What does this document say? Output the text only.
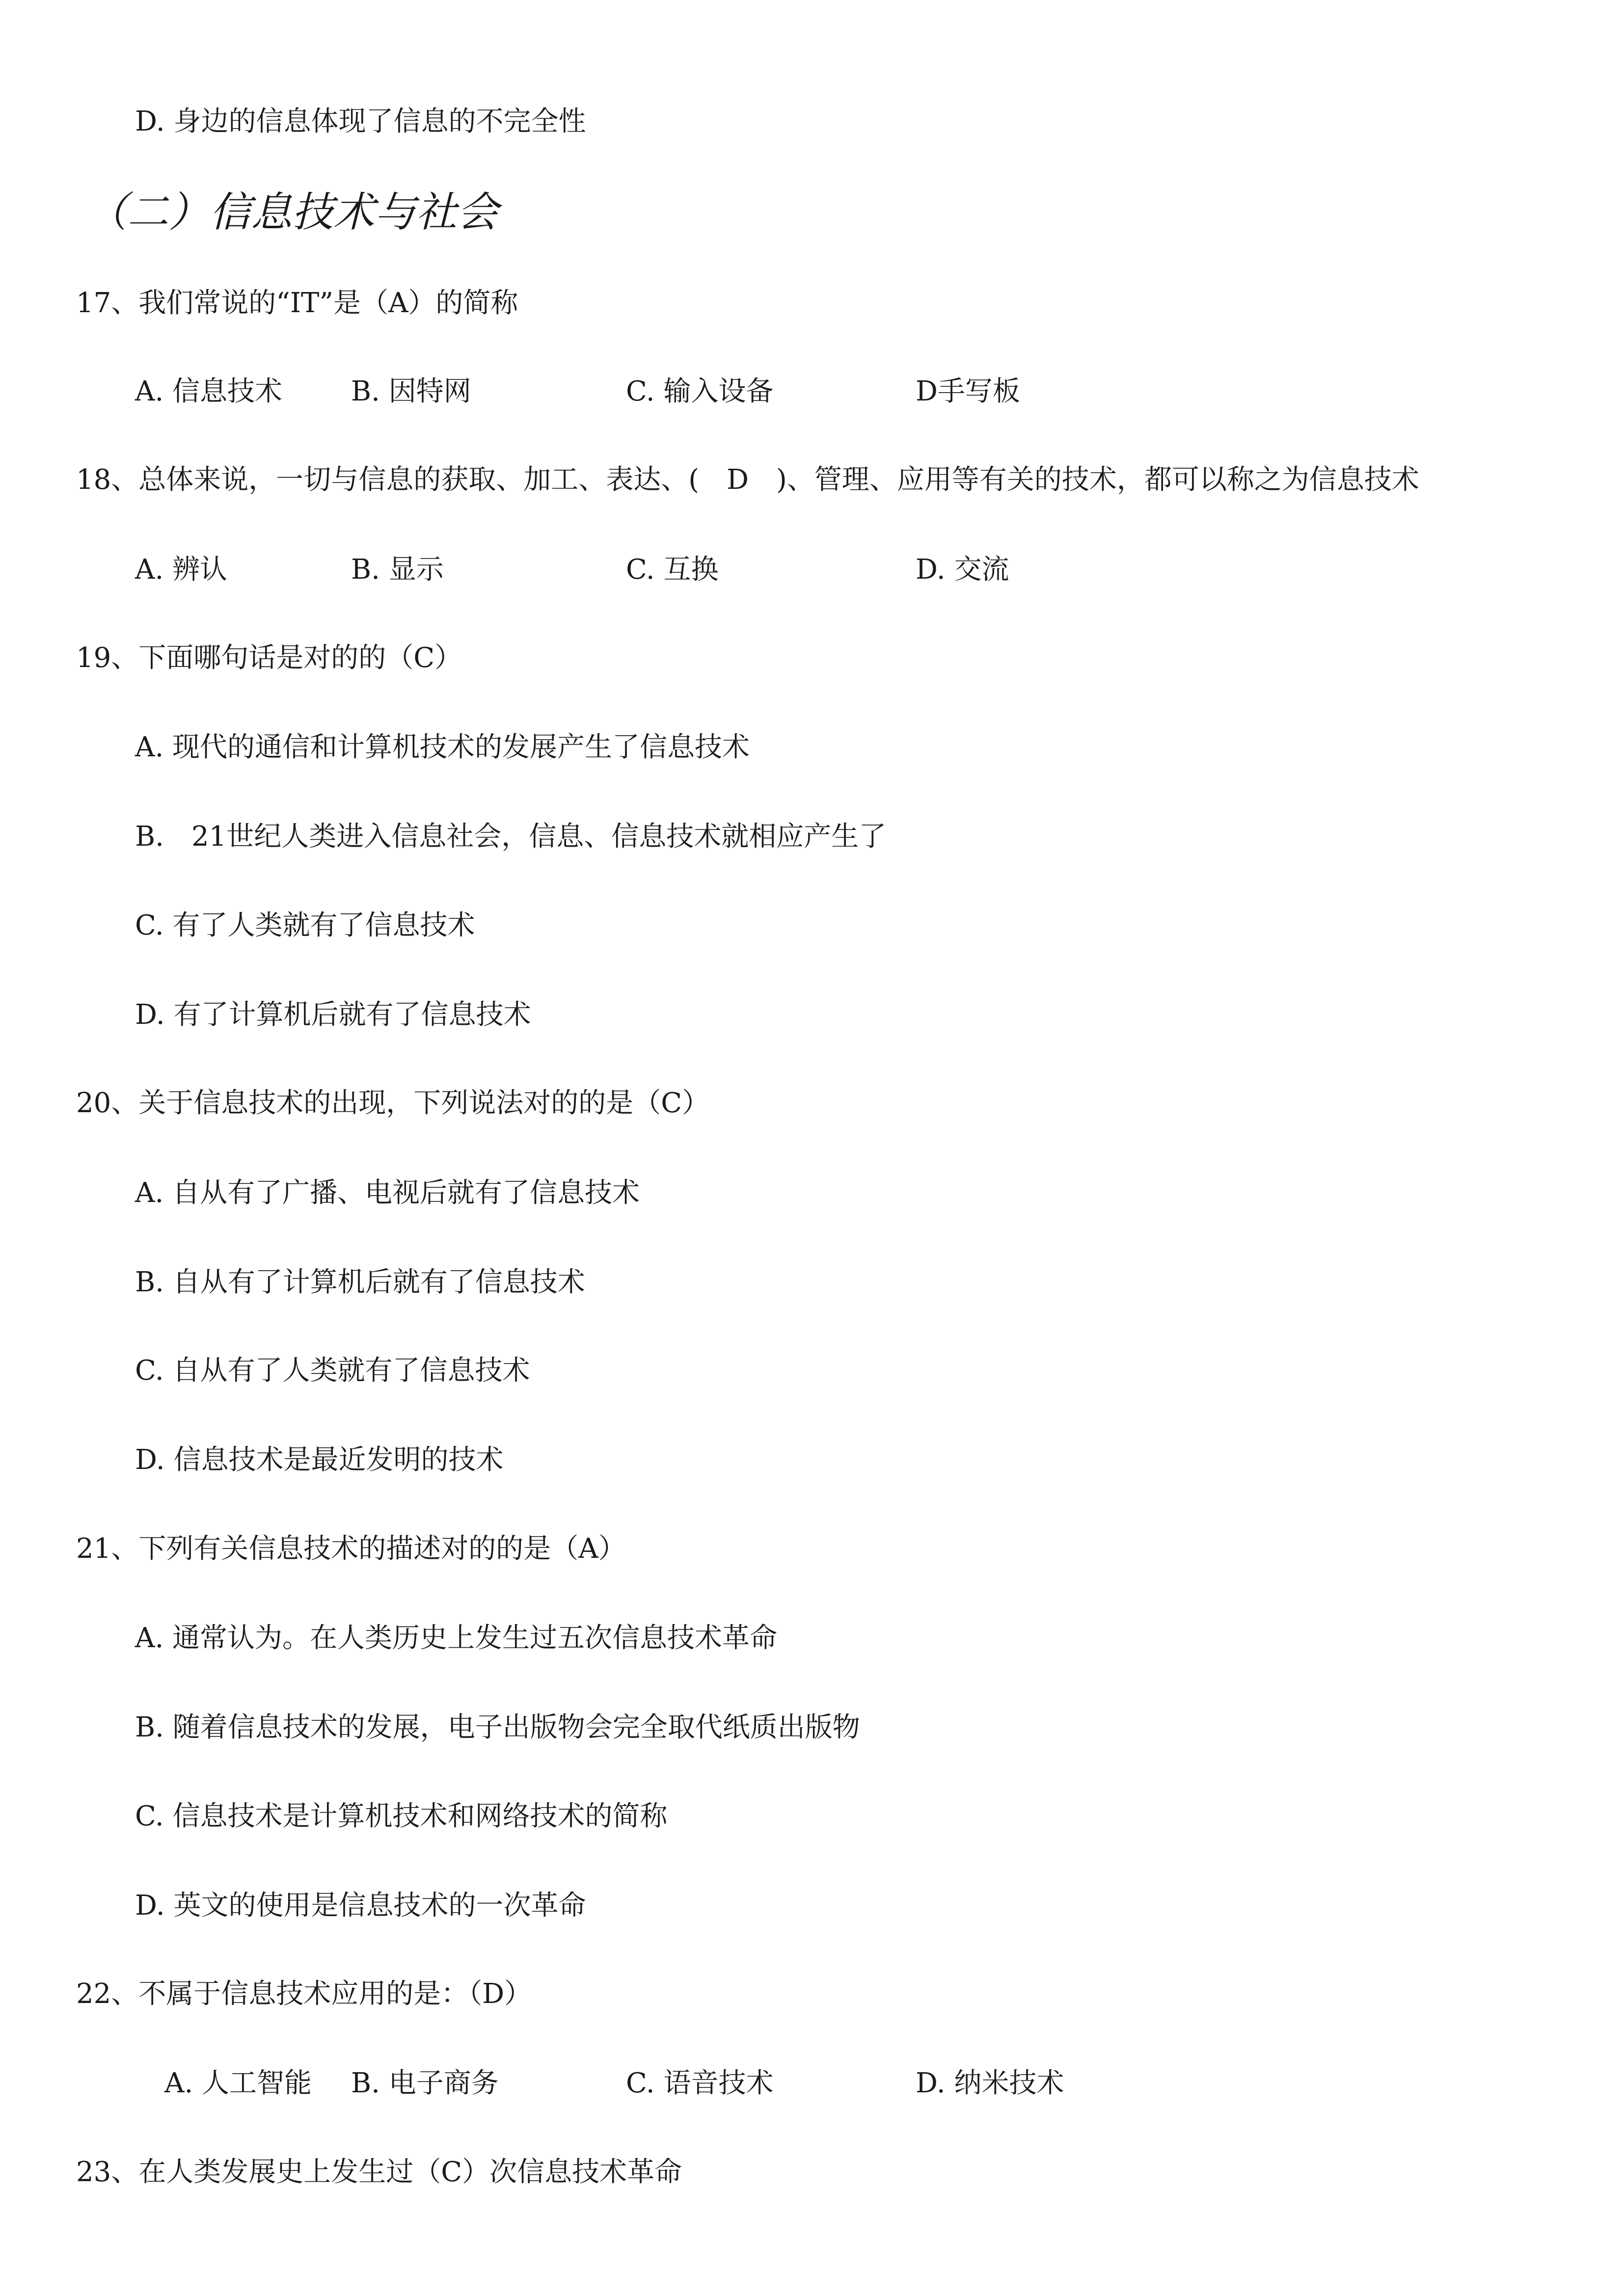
D. 身边的信息体现了信息的不完全性
（二）信息技术与社会
17、我们常说的“IT”是（A）的简称
A. 信息技术 B. 因特网	C. 输入设备	D手写板
18、总体来说，一切与信息的获取、加工、表达、(　D　)、管理、应用等有关的技术，都可以称之为信息技术
A. 辨认	B. 显示	C. 互换	D. 交流
19、下面哪句话是对的的（C）
A. 现代的通信和计算机技术的发展产生了信息技术
B.　21世纪人类进入信息社会，信息、信息技术就相应产生了
C. 有了人类就有了信息技术
D. 有了计算机后就有了信息技术
20、关于信息技术的出现，下列说法对的的是（C）
A. 自从有了广播、电视后就有了信息技术
B. 自从有了计算机后就有了信息技术
C. 自从有了人类就有了信息技术
D. 信息技术是最近发明的技术
21、下列有关信息技术的描述对的的是（A）
A. 通常认为。在人类历史上发生过五次信息技术革命
B. 随着信息技术的发展，电子出版物会完全取代纸质出版物
C. 信息技术是计算机技术和网络技术的简称
D. 英文的使用是信息技术的一次革命
22、不属于信息技术应用的是：（D）
A. 人工智能 B. 电子商务	C. 语音技术	D. 纳米技术
23、在人类发展史上发生过（C）次信息技术革命
